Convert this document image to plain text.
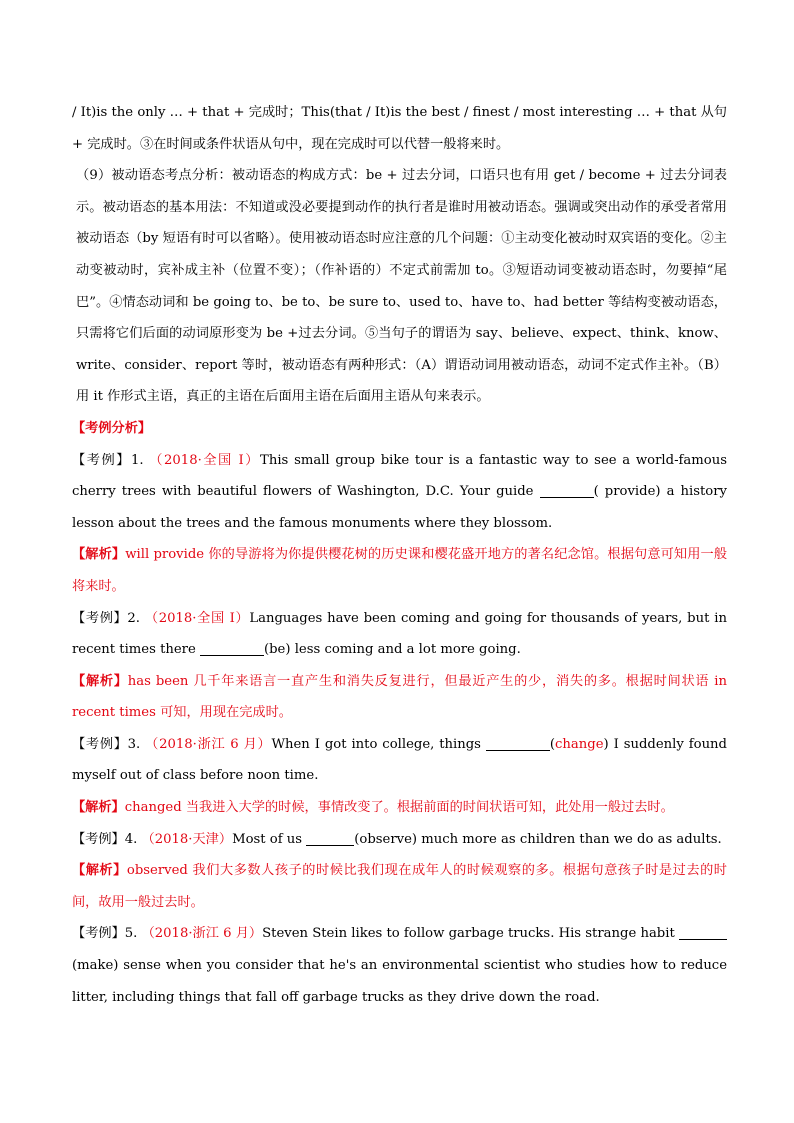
/ It)is the only … + that + 完成时；This(that / It)is the best / finest / most interesting … + that 从句 + 完成时。③在时间或条件状语从句中，现在完成时可以代替一般将来时。

（9）被动语态考点分析：被动语态的构成方式：be + 过去分词，口语只也有用 get / become + 过去分词表示。被动语态的基本用法：不知道或没必要提到动作的执行者是谁时用被动语态。强调或突出动作的承受者常用被动语态（by 短语有时可以省略）。使用被动语态时应注意的几个问题：①主动变化被动时双宾语的变化。②主动变被动时，宾补成主补（位置不变）；（作补语的）不定式前需加 to。③短语动词变被动语态时，勿要掉“尾巴”。④情态动词和 be going to、be to、be sure to、used to、have to、had better 等结构变被动语态，只需将它们后面的动词原形变为 be +过去分词。⑤当句子的谓语为 say、believe、expect、think、know、write、consider、report 等时，被动语态有两种形式：（A）谓语动词用被动语态，动词不定式作主补。（B）用 it 作形式主语，真正的主语在后面用主语在后面用主语从句来表示。

【考例分析】

【考例】1. （2018·全国 I）This small group bike tour is a fantastic way to see a world-famous cherry trees with beautiful flowers of Washington, D.C. Your guide	( provide) a history lesson about the trees and the famous monuments where they blossom.

【解析】will provide 你的导游将为你提供樱花树的历史课和樱花盛开地方的著名纪念馆。根据句意可知用一般将来时。

【考例】2. （2018·全国 I）Languages have been coming and going for thousands of years, but in recent times there	(be) less coming and a lot more going.

【解析】has been 几千年来语言一直产生和消失反复进行，但最近产生的少，消失的多。根据时间状语 in recent times 可知，用现在完成时。

【考例】3. （2018·浙江 6 月）When I got into college, things	(change) I suddenly found myself out of class before noon time.

【解析】changed 当我进入大学的时候，事情改变了。根据前面的时间状语可知，此处用一般过去时。

【考例】4. （2018·天津）Most of us	(observe) much more as children than we do as adults.

【解析】observed 我们大多数人孩子的时候比我们现在成年人的时候观察的多。根据句意孩子时是过去的时间，故用一般过去时。

【考例】5. （2018·浙江 6 月）Steven Stein likes to follow garbage trucks. His strange habit (make) sense when you consider that he's an environmental scientist who studies how to reduce litter, including things that fall off garbage trucks as they drive down the road.
